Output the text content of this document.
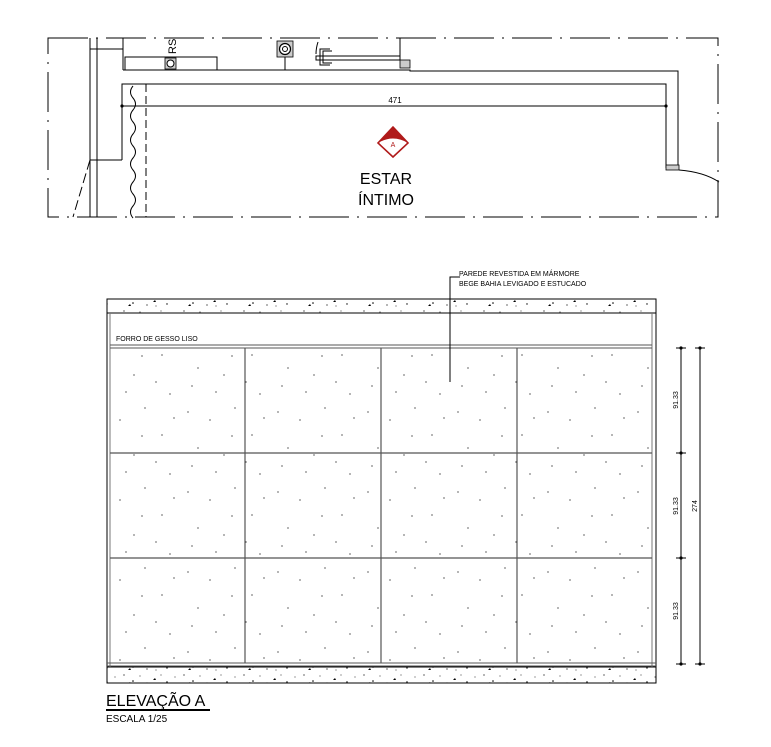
471
RS
A
ESTAR
ÍNTIMO
FORRO DE GESSO LISO
PAREDE REVESTIDA EM MÁRMORE
BEGE BAHIA LEVIGADO E ESTUCADO
91.33
91.33
91.33
274
ELEVAÇÃO A
ESCALA 1/25
